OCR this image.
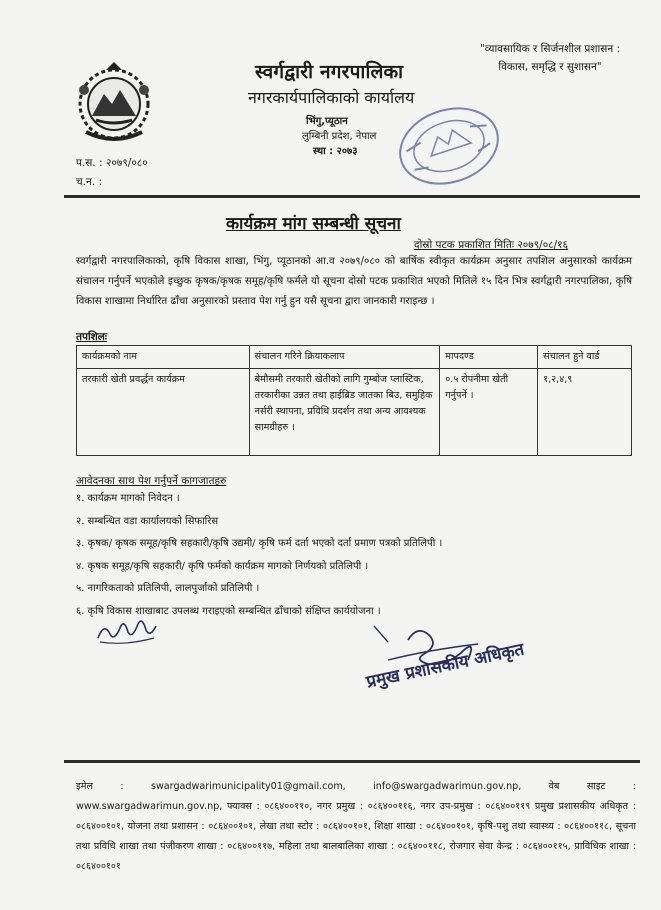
स्वर्गद्वारी नगरपालिका
नगरकार्यपालिकाको कार्यालय
भिंगु,प्यूठान
लुम्बिनी प्रदेश, नेपाल
स्था : २०७३
"व्यावसायिक र सिर्जनशील प्रशासन :
विकास, समृद्धि र सुशासन"
प.स. : २०७९/०८०
च.न. :
कार्यक्रम मांग सम्बन्धी सूचना
दोस्रो पटक प्रकाशित मितिः २०७९/०८/१६
स्वर्गद्वारी नगरपालिकाको, कृषि विकास शाखा, भिंगु, प्यूठानको आ.व २०७९/०८० को बार्षिक स्वीकृत कार्यक्रम अनुसार तपशिल अनुसारको कार्यक्रम संचालन गर्नुपर्ने भएकोले इच्छुक कृषक/कृषक समूह/कृषि फर्मले यो सूचना दोस्रो पटक प्रकाशित भएको मितिले १५ दिन भित्र स्वर्गद्वारी नगरपालिका, कृषि विकास शाखामा निर्धारित ढाँचा अनुसारको प्रस्ताव पेश गर्नु हुन यसै सूचना द्वारा जानकारी गराइन्छ ।
तपशिलः
कार्यक्रमको नाम	संचालन गरिने क्रियाकलाप	मापदण्ड	संचालन हुने वार्ड
तरकारी खेती प्रवर्द्धन कार्यक्रम	बेमौसमी तरकारी खेतीको लागि गुम्बोज प्लास्टिक, तरकारीका उन्नत तथा हाईब्रिड जातका बिउ, समुहिक नर्सरी स्थापना, प्रविधि प्रदर्शन तथा अन्य आवश्यक सामग्रीहरु ।	०.५ रोपनीमा खेती गर्नुपर्ने ।	१,२,४,९
आवेदनका साथ पेश गर्नुपर्ने कागजातहरु
१. कार्यक्रम मागको निवेदन ।
२. सम्बन्धित वडा कार्यालयको सिफारिस
३. कृषक/ कृषक समूह/कृषि सहकारी/कृषि उद्यमी/ कृषि फर्म दर्ता भएको दर्ता प्रमाण पत्रको प्रतिलिपी ।
४. कृषक समूह/कृषि सहकारी/ कृषि फर्मको कार्यक्रम मागको निर्णयको प्रतिलिपी ।
५. नागरिकताको प्रतिलिपी, लालपुर्जाको प्रतिलिपी ।
६. कृषि विकास शाखाबाट उपलब्ध गराइएको सम्बन्धित ढाँचाको संक्षिप्त कार्ययोजना ।
प्रमुख प्रशासकीय अधिकृत
इमेल : swargadwarimunicipality01@gmail.com, info@swargadwarimun.gov.np, वेब साइट : www.swargadwarimun.gov.np, फ्याक्स : ०८६४००११०, नगर प्रमुख : ०८६४००११६, नगर उप-प्रमुख : ०८६४००११९ प्रमुख प्रशासकीय अधिकृत : ०८६४००१०१, योजना तथा प्रशासन : ०८६४००१०१, लेखा तथा स्टोर : ०८६४००१०१, शिक्षा शाखा : ०८६४००१०१, कृषि-पशु तथा स्वास्थ्य : ०८६४००११८, सूचना तथा प्रविधि शाखा तथा पंजीकरण शाखा : ०८६४००११७, महिला तथा बालबालिका शाखा : ०८६४००११८, रोजगार सेवा केन्द्र : ०८६४००११५, प्राविधिक शाखा : ०८६४००१०१
